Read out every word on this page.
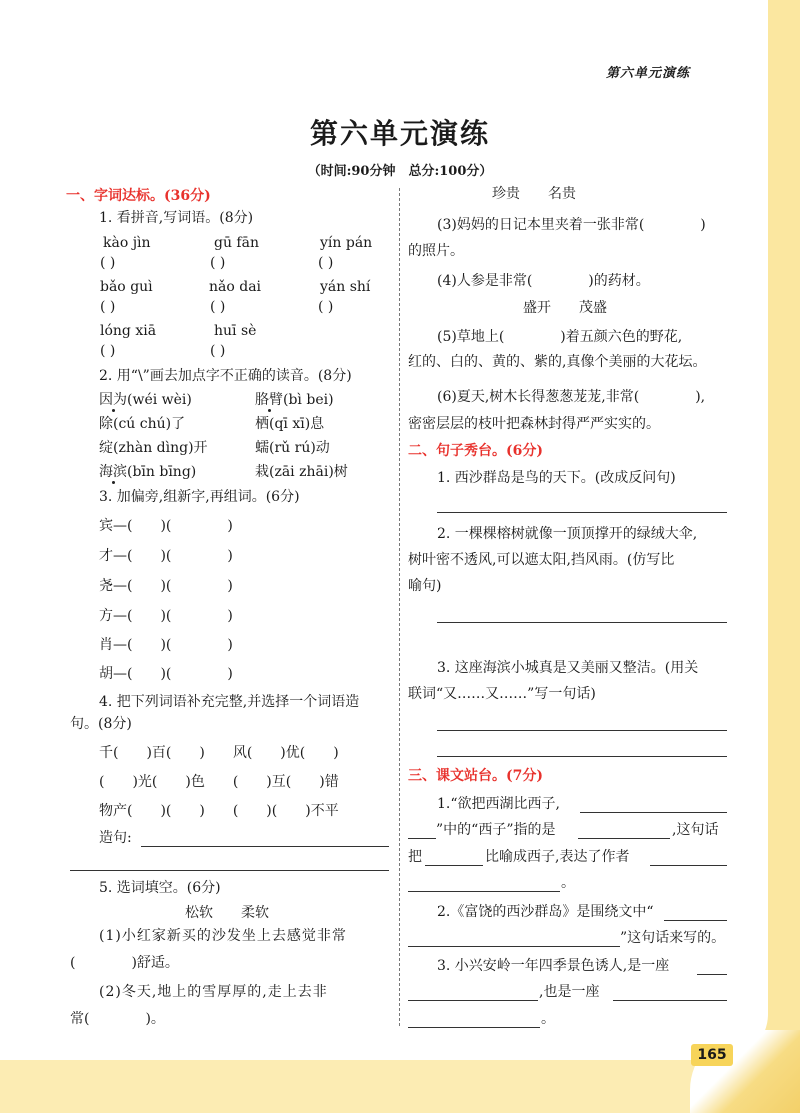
第六单元演练
第六单元演练
（时间:90分钟　总分:100分）
一、字词达标。(36分)
1. 看拼音,写词语。(8分)
kào jìn	gū fān	yín pán
( )	( )	( )
bǎo guì	nǎo dai	yán shí
( )	( )	( )
lóng xiā	huī sè
( )	( )
2. 用“\”画去加点字不正确的读音。(8分)
因为(wéi wèi)	胳臂(bì bei)
除(cú chú)了	栖(qī xī)息
绽(zhàn dìng)开	蠕(rǔ rú)动
海滨(bīn bīng)	栽(zāi zhāi)树
3. 加偏旁,组新字,再组词。(6分)
宾—(　　)(　　　　)
才—(　　)(　　　　)
尧—(　　)(　　　　)
方—(　　)(　　　　)
肖—(　　)(　　　　)
胡—(　　)(　　　　)
4. 把下列词语补充完整,并选择一个词语造
句。(8分)
千(　　)百(　　)　　风(　　)优(　　)
(　　)光(　　)色　　(　　)互(　　)错
物产(　　)(　　)　　(　　)(　　)不平
造句:
5. 选词填空。(6分)
松软　　柔软
(1)小红家新买的沙发坐上去感觉非常
(　　　　)舒适。
(2)冬天,地上的雪厚厚的,走上去非
常(　　　　)。
珍贵　　名贵
(3)妈妈的日记本里夹着一张非常(　　　　)
的照片。
(4)人参是非常(　　　　)的药材。
盛开　　茂盛
(5)草地上(　　　　)着五颜六色的野花,
红的、白的、黄的、紫的,真像个美丽的大花坛。
(6)夏天,树木长得葱葱茏茏,非常(　　　　),
密密层层的枝叶把森林封得严严实实的。
二、句子秀台。(6分)
1. 西沙群岛是鸟的天下。(改成反问句)
2. 一棵棵榕树就像一顶顶撑开的绿绒大伞,
树叶密不透风,可以遮太阳,挡风雨。(仿写比
喻句)
3. 这座海滨小城真是又美丽又整洁。(用关
联词“又……又……”写一句话)
三、课文站台。(7分)
1.“欲把西湖比西子,
”中的“西子”指的是	,这句话
把	比喻成西子,表达了作者
。
2.《富饶的西沙群岛》是围绕文中“
”这句话来写的。
3. 小兴安岭一年四季景色诱人,是一座
,也是一座
。
165
